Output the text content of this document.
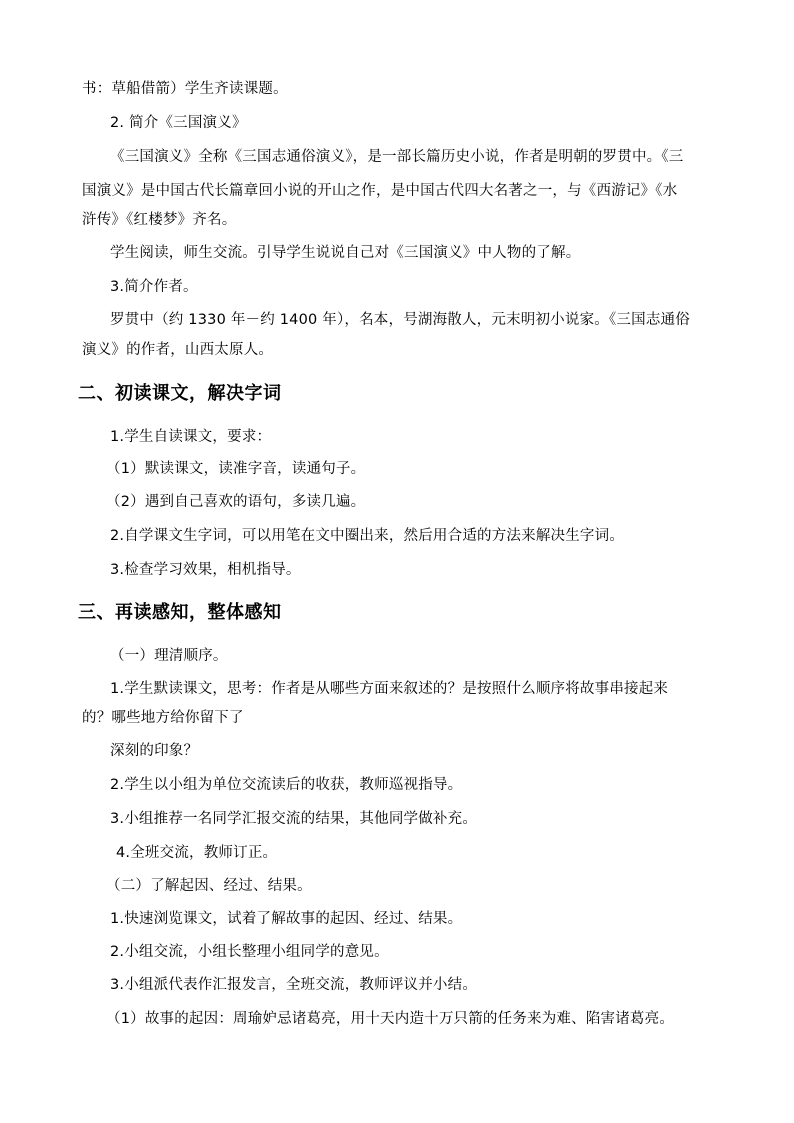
书：草船借箭）学生齐读课题。
2. 简介《三国演义》
《三国演义》全称《三国志通俗演义》，是一部长篇历史小说，作者是明朝的罗贯中。《三
国演义》是中国古代长篇章回小说的开山之作，是中国古代四大名著之一，与《西游记》《水
浒传》《红楼梦》齐名。
学生阅读，师生交流。引导学生说说自己对《三国演义》中人物的了解。
3.简介作者。
罗贯中（约 1330 年－约 1400 年），名本，号湖海散人，元末明初小说家。《三国志通俗
演义》的作者，山西太原人。
二、初读课文，解决字词
1.学生自读课文，要求：
（1）默读课文，读准字音，读通句子。
（2）遇到自己喜欢的语句，多读几遍。
2.自学课文生字词，可以用笔在文中圈出来，然后用合适的方法来解决生字词。
3.检查学习效果，相机指导。
三、再读感知，整体感知
（一）理清顺序。
1.学生默读课文，思考：作者是从哪些方面来叙述的？是按照什么顺序将故事串接起来
的？哪些地方给你留下了
深刻的印象？
2.学生以小组为单位交流读后的收获，教师巡视指导。
3.小组推荐一名同学汇报交流的结果，其他同学做补充。
4.全班交流，教师订正。
（二）了解起因、经过、结果。
1.快速浏览课文，试着了解故事的起因、经过、结果。
2.小组交流，小组长整理小组同学的意见。
3.小组派代表作汇报发言，全班交流，教师评议并小结。
（1）故事的起因：周瑜妒忌诸葛亮，用十天内造十万只箭的任务来为难、陷害诸葛亮。
